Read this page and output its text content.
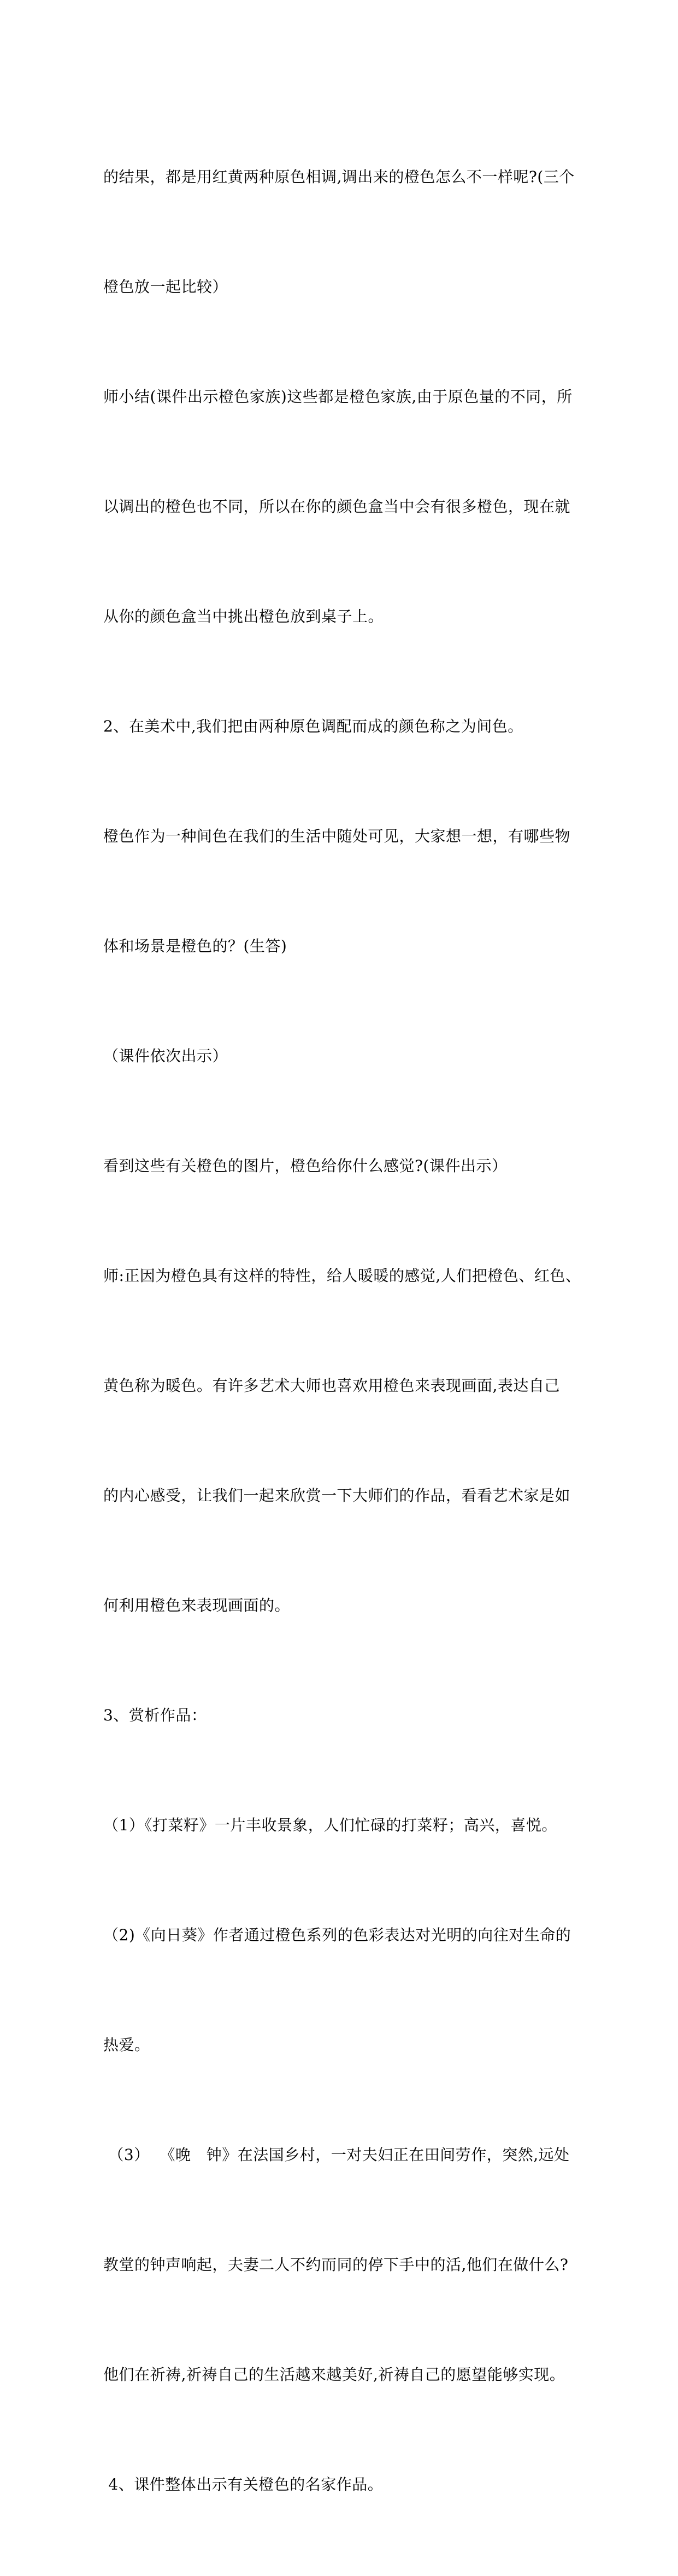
的结果，都是用红黄两种原色相调,调出来的橙色怎么不一样呢?(三个

橙色放一起比较）

师小结(课件出示橙色家族)这些都是橙色家族,由于原色量的不同，所

以调出的橙色也不同，所以在你的颜色盒当中会有很多橙色，现在就

从你的颜色盒当中挑出橙色放到桌子上。

2、在美术中,我们把由两种原色调配而成的颜色称之为间色。

橙色作为一种间色在我们的生活中随处可见，大家想一想，有哪些物

体和场景是橙色的？(生答)

（课件依次出示）

看到这些有关橙色的图片，橙色给你什么感觉?(课件出示）

师:正因为橙色具有这样的特性，给人暖暖的感觉,人们把橙色、红色、

黄色称为暖色。有许多艺术大师也喜欢用橙色来表现画面,表达自己

的内心感受，让我们一起来欣赏一下大师们的作品，看看艺术家是如

何利用橙色来表现画面的。

3、赏析作品：

（1）《打菜籽》一片丰收景象，人们忙碌的打菜籽；高兴，喜悦。

（2)《向日葵》作者通过橙色系列的色彩表达对光明的向往对生命的

热爱。

（3）  《晚   钟》在法国乡村，一对夫妇正在田间劳作，突然,远处

教堂的钟声响起，夫妻二人不约而同的停下手中的活,他们在做什么?

他们在祈祷,祈祷自己的生活越来越美好,祈祷自己的愿望能够实现。

4、课件整体出示有关橙色的名家作品。
